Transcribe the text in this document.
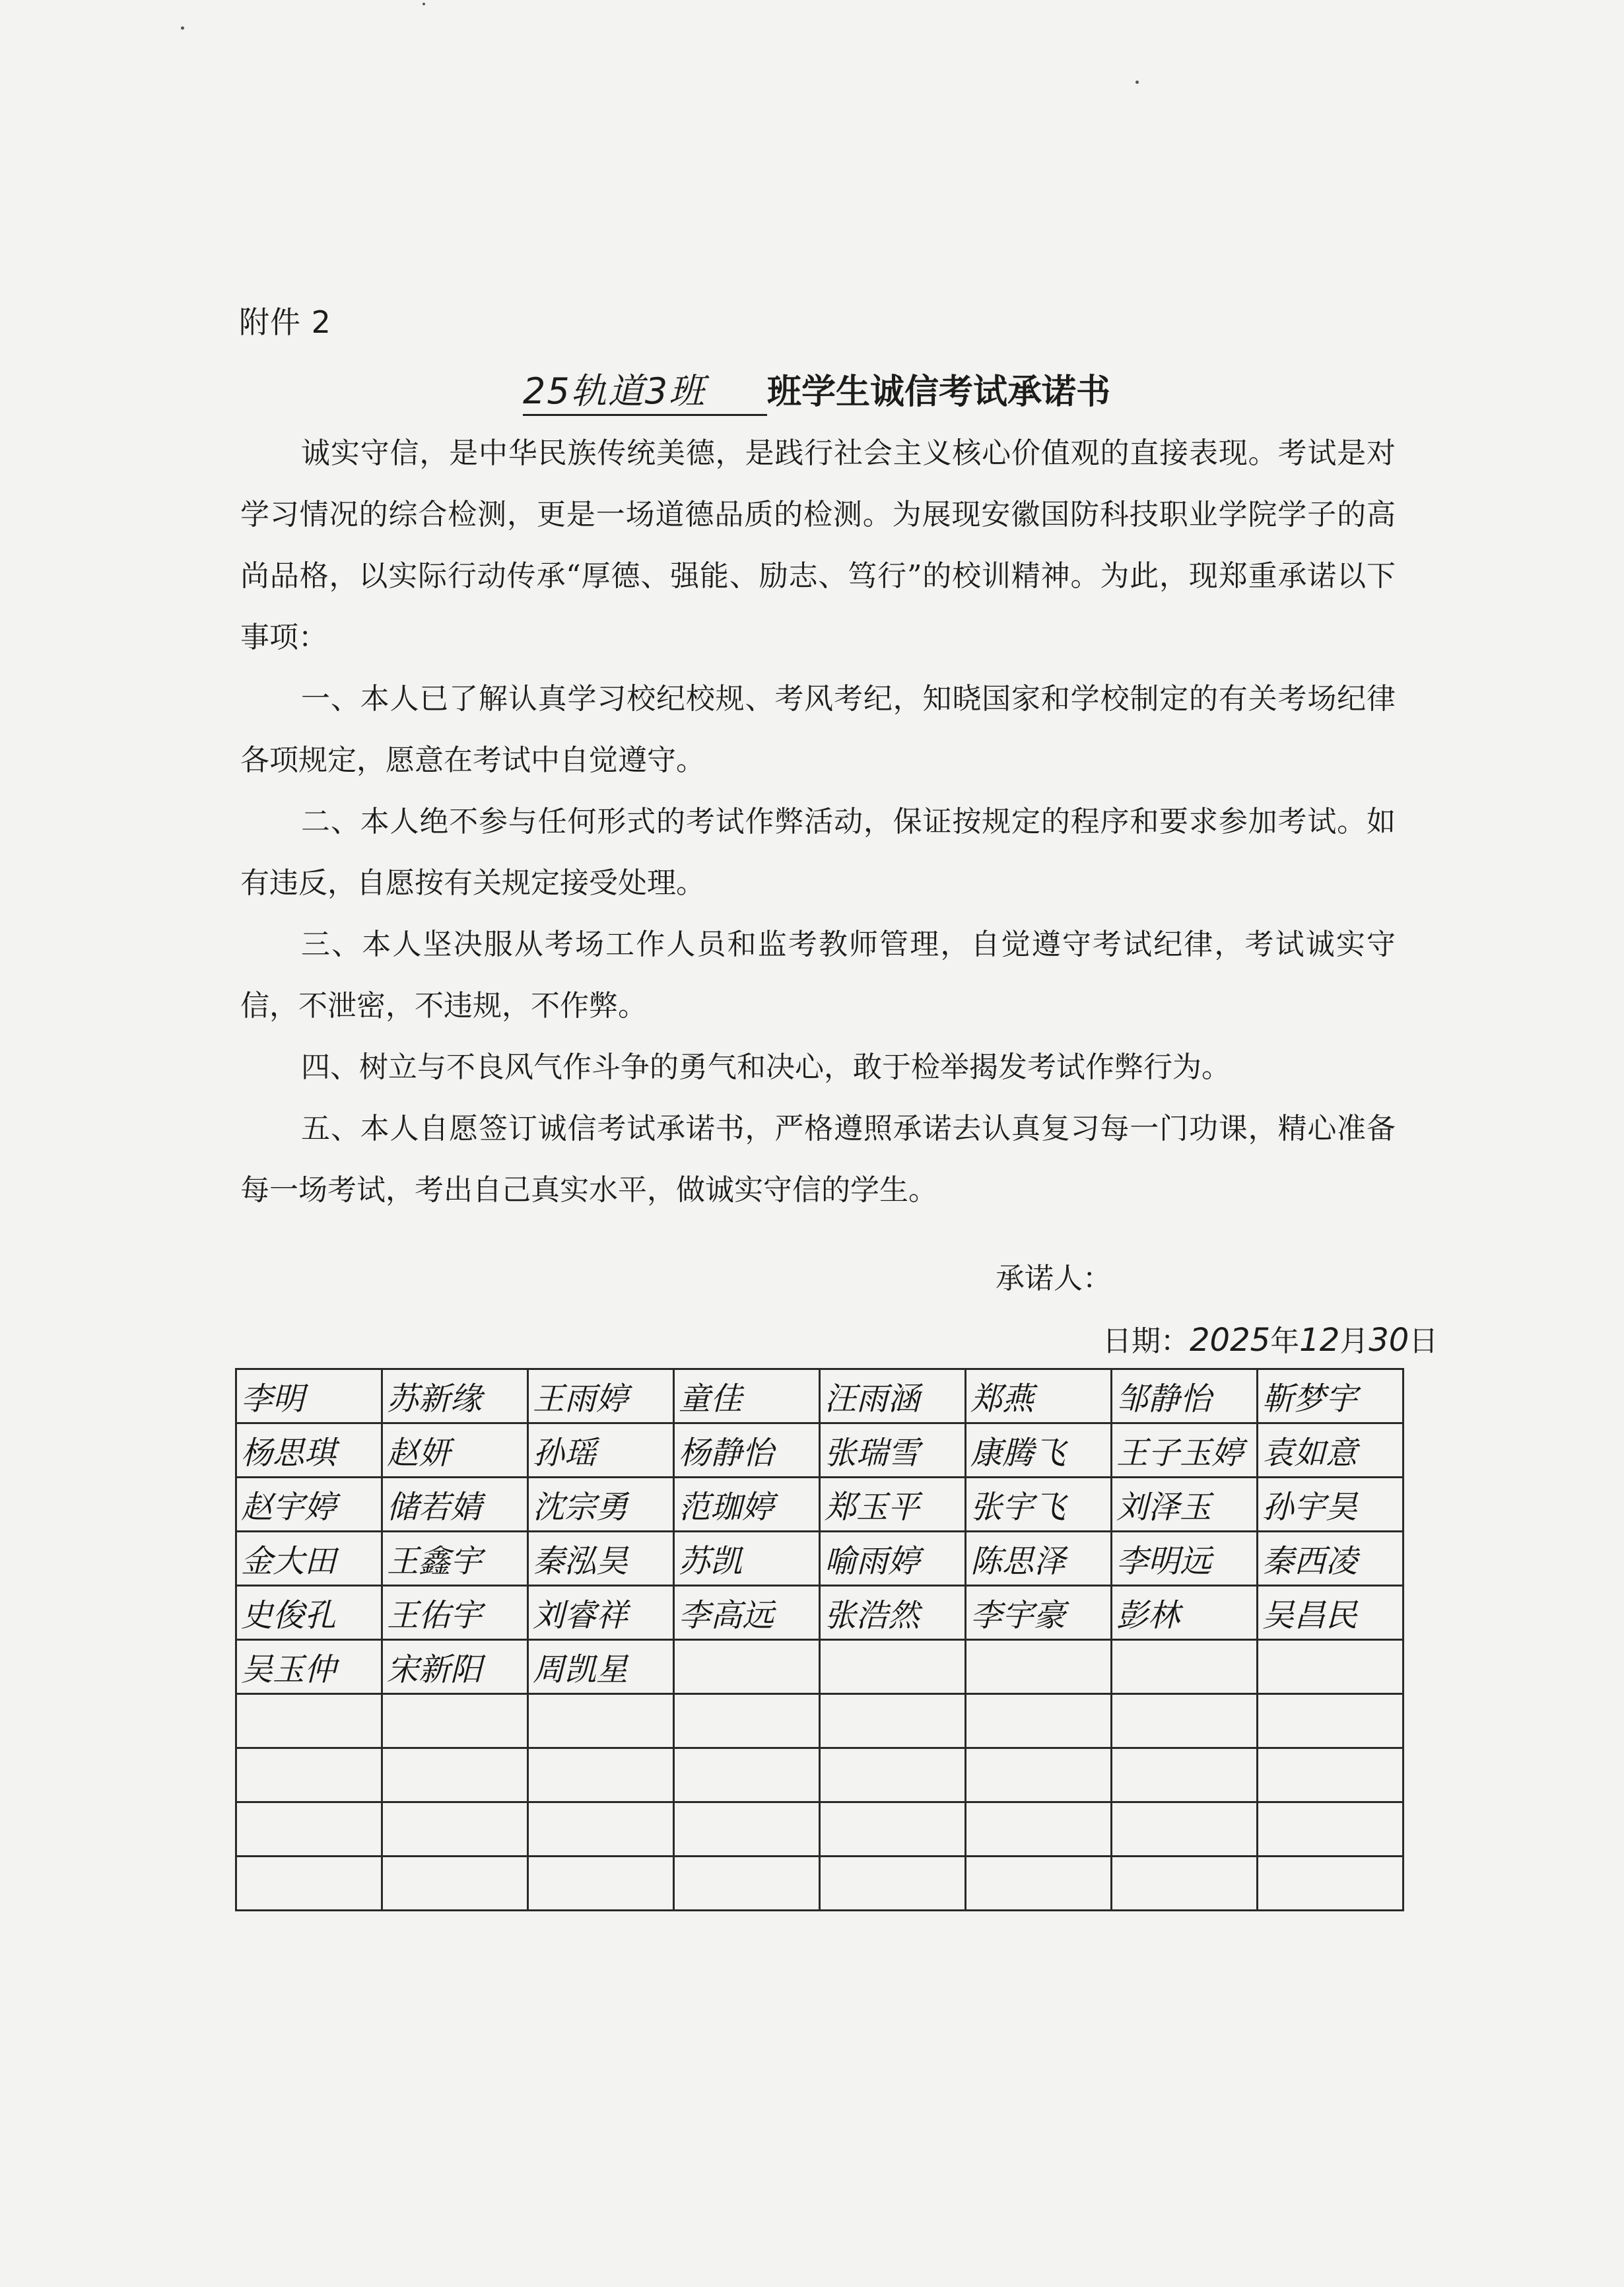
附件 2
25轨道3班 班学生诚信考试承诺书

诚实守信，是中华民族传统美德，是践行社会主义核心价值观的直接表现。考试是对学习情况的综合检测，更是一场道德品质的检测。为展现安徽国防科技职业学院学子的高尚品格，以实际行动传承“厚德、强能、励志、笃行”的校训精神。为此，现郑重承诺以下事项：

一、本人已了解认真学习校纪校规、考风考纪，知晓国家和学校制定的有关考场纪律各项规定，愿意在考试中自觉遵守。

二、本人绝不参与任何形式的考试作弊活动，保证按规定的程序和要求参加考试。如有违反，自愿按有关规定接受处理。

三、本人坚决服从考场工作人员和监考教师管理，自觉遵守考试纪律，考试诚实守信，不泄密，不违规，不作弊。

四、树立与不良风气作斗争的勇气和决心，敢于检举揭发考试作弊行为。

五、本人自愿签订诚信考试承诺书，严格遵照承诺去认真复习每一门功课，精心准备每一场考试，考出自己真实水平，做诚实守信的学生。

承诺人：
日期：2025年12月30日
李明	苏新缘	王雨婷	童佳	汪雨涵	郑燕	邹静怡	靳梦宇
杨思琪	赵妍	孙瑶	杨静怡	张瑞雪	康腾飞	王子玉婷	袁如意
赵宇婷	储若婧	沈宗勇	范珈婷	郑玉平	张宇飞	刘泽玉	孙宇昊
金大田	王鑫宇	秦泓昊	苏凯	喻雨婷	陈思泽	李明远	秦西凌
史俊孔	王佑宇	刘睿祥	李高远	张浩然	李宇豪	彭林	吴昌民
吴玉仲	宋新阳	周凯星					
